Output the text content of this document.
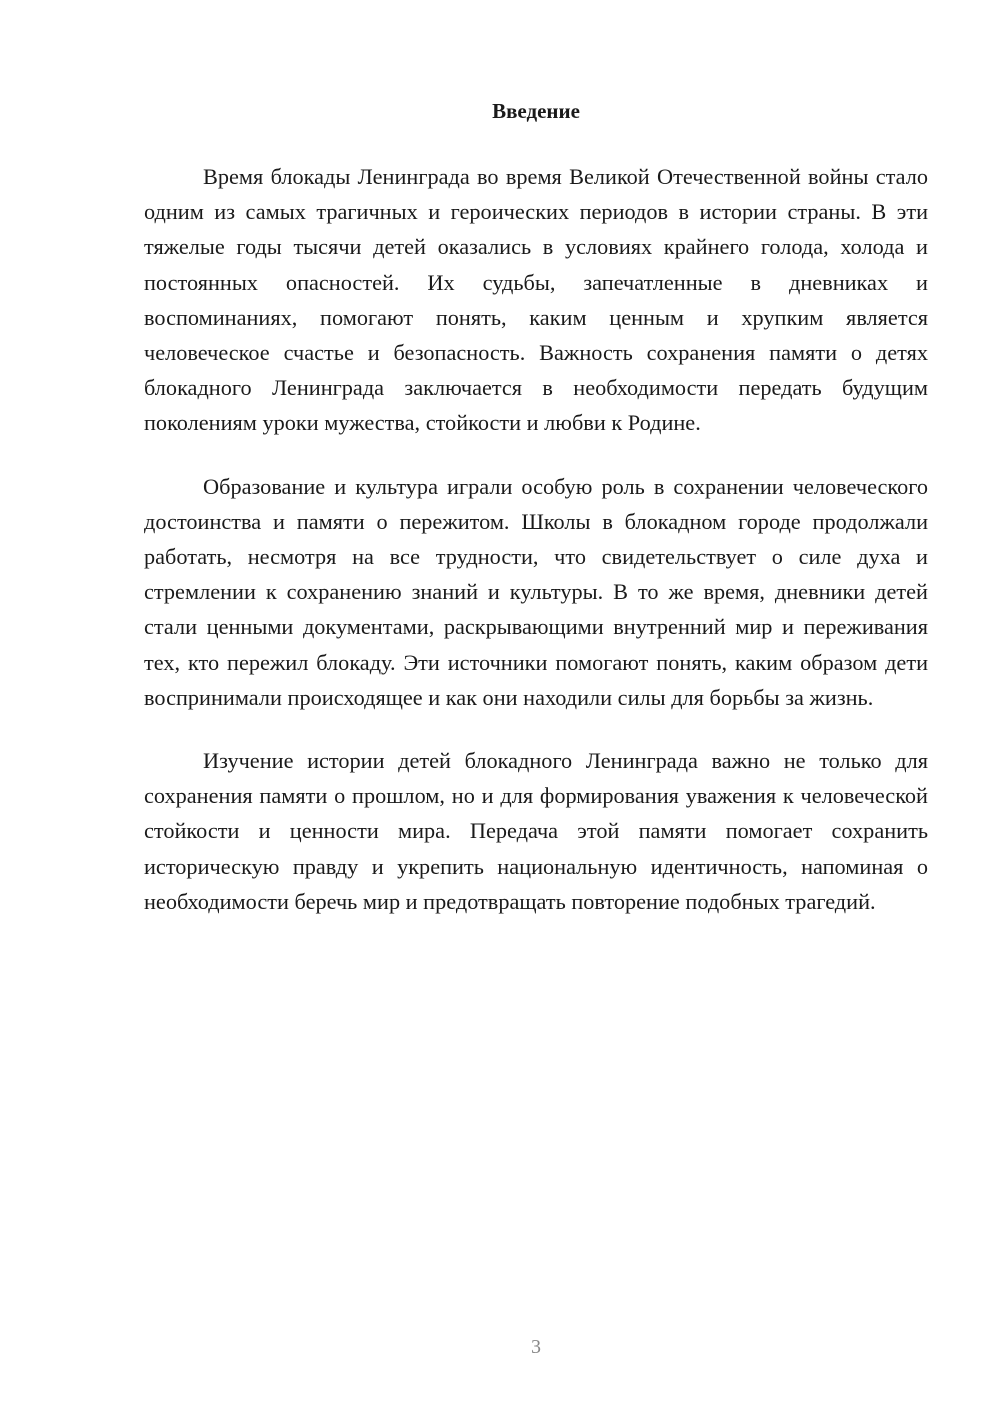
Введение

Время блокады Ленинграда во время Великой Отечественной войны стало одним из самых трагичных и героических периодов в истории страны. В эти тяжелые годы тысячи детей оказались в условиях крайнего голода, холода и постоянных опасностей. Их судьбы, запечатленные в дневниках и воспоминаниях, помогают понять, каким ценным и хрупким является человеческое счастье и безопасность. Важность сохранения памяти о детях блокадного Ленинграда заключается в необходимости передать будущим поколениям уроки мужества, стойкости и любви к Родине.

Образование и культура играли особую роль в сохранении человеческого достоинства и памяти о пережитом. Школы в блокадном городе продолжали работать, несмотря на все трудности, что свидетельствует о силе духа и стремлении к сохранению знаний и культуры. В то же время, дневники детей стали ценными документами, раскрывающими внутренний мир и переживания тех, кто пережил блокаду. Эти источники помогают понять, каким образом дети воспринимали происходящее и как они находили силы для борьбы за жизнь.

Изучение истории детей блокадного Ленинграда важно не только для сохранения памяти о прошлом, но и для формирования уважения к человеческой стойкости и ценности мира. Передача этой памяти помогает сохранить историческую правду и укрепить национальную идентичность, напоминая о необходимости беречь мир и предотвращать повторение подобных трагедий.

3
